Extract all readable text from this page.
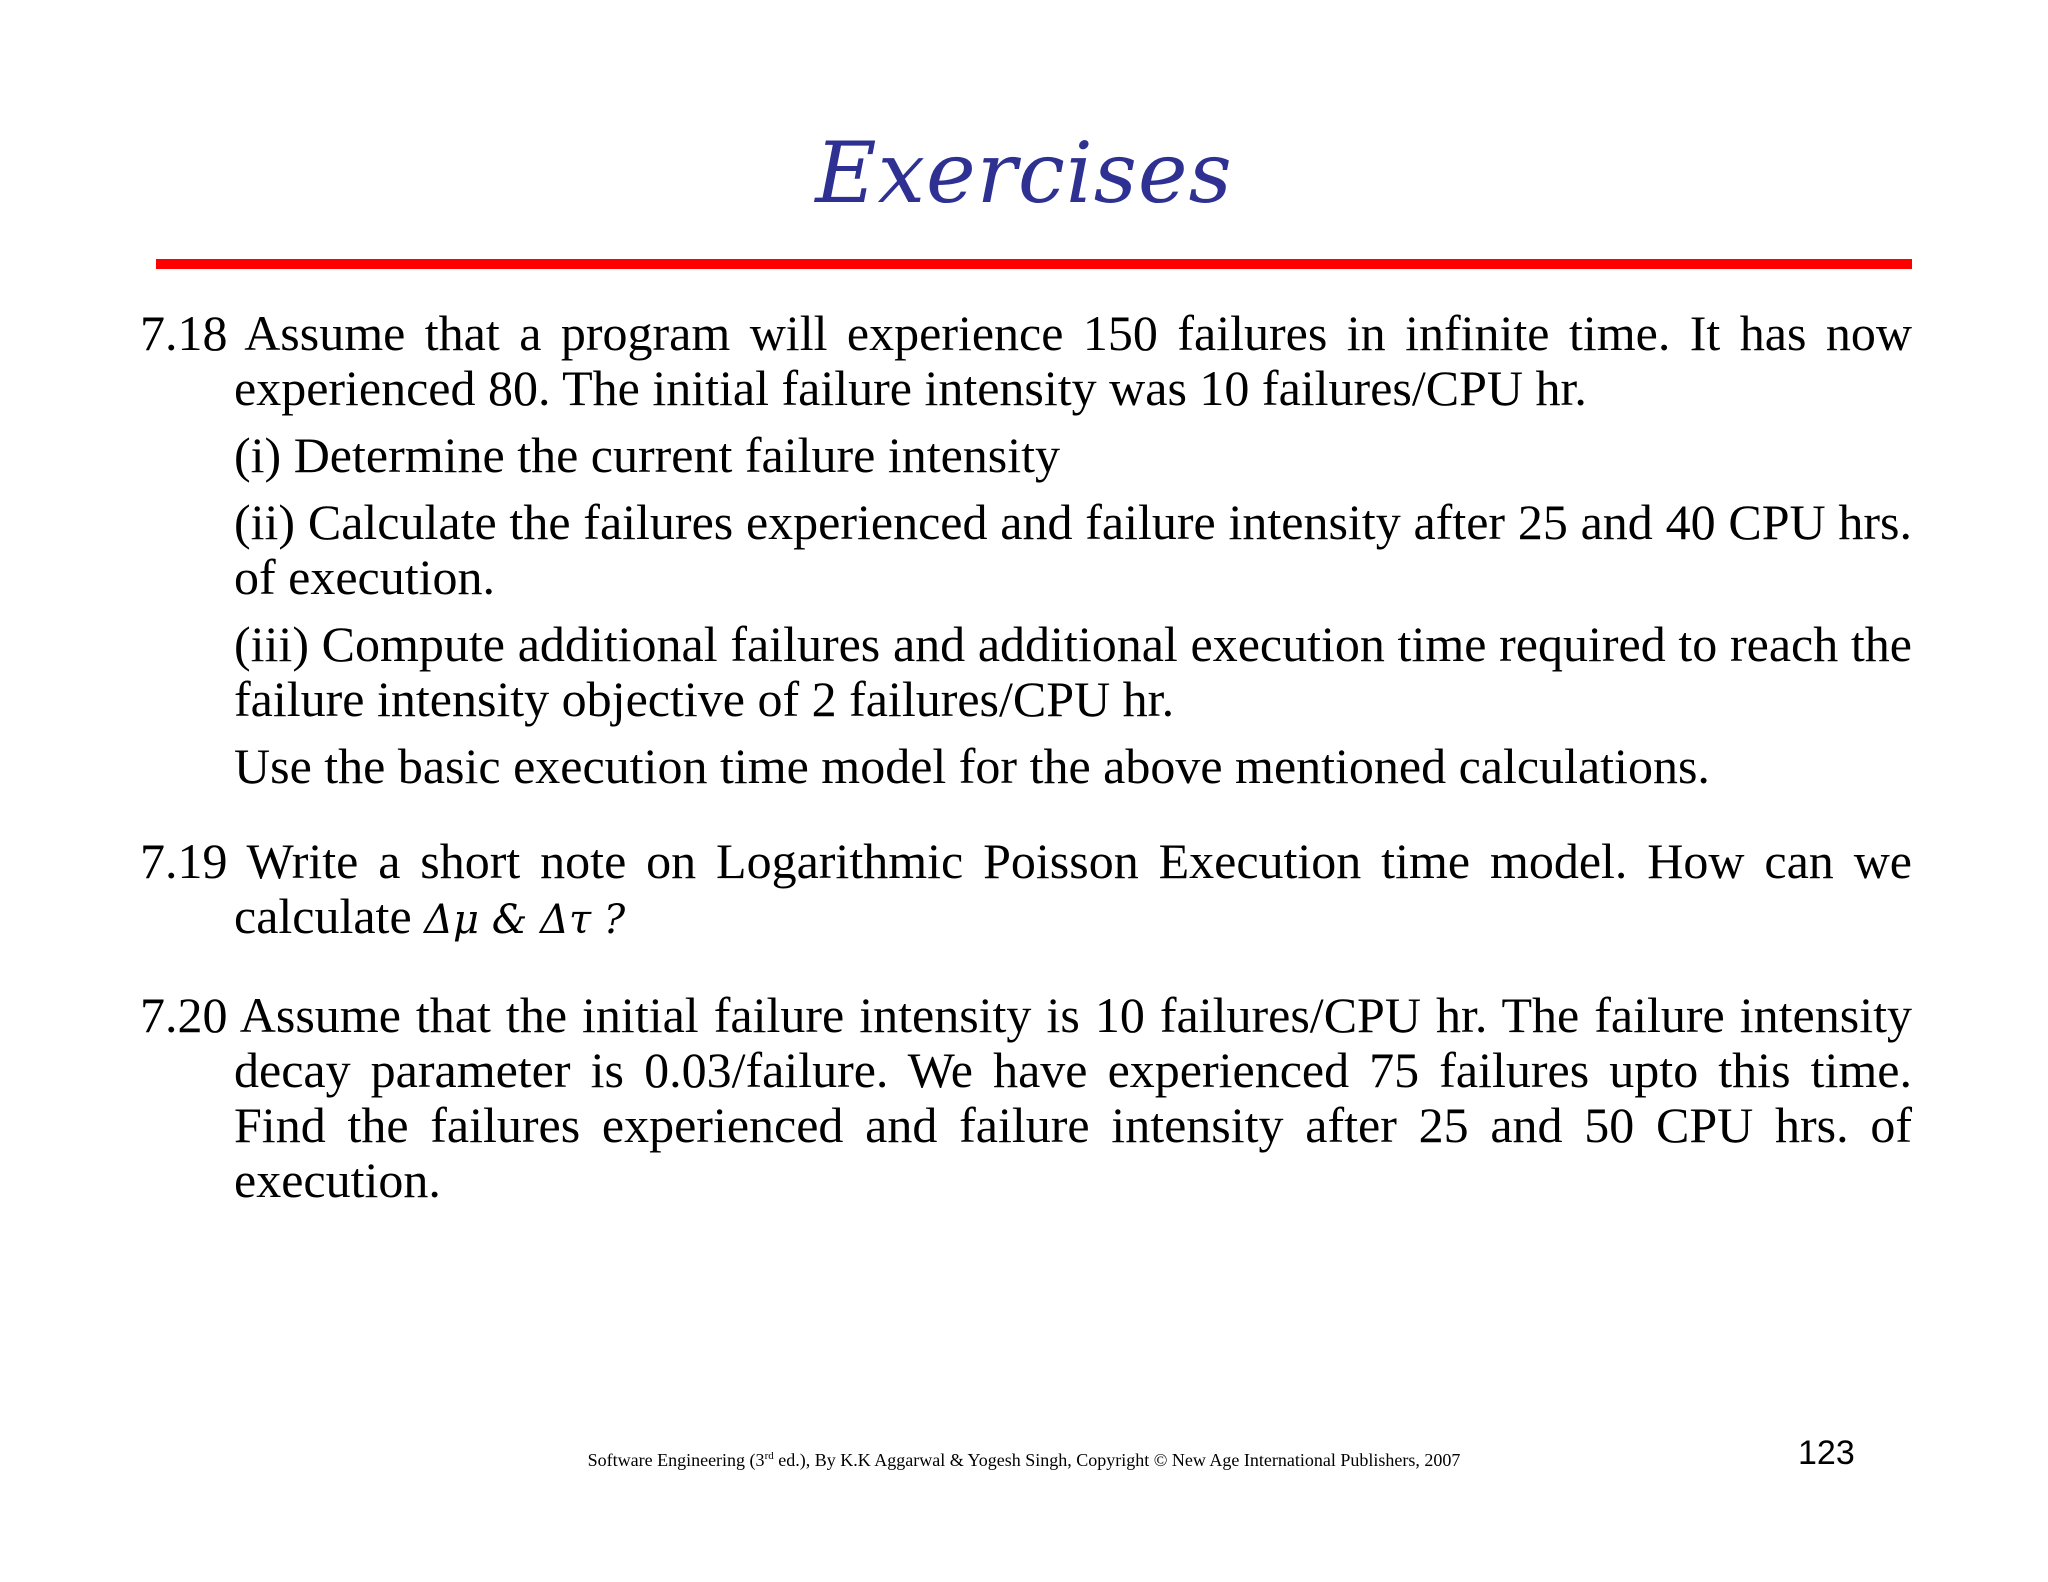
Exercises
7.18 Assume that a program will experience 150 failures in infinite time. It has now experienced 80. The initial failure intensity was 10 failures/CPU hr.
(i) Determine the current failure intensity
(ii) Calculate the failures experienced and failure intensity after 25 and 40 CPU hrs. of execution.
(iii) Compute additional failures and additional execution time required to reach the failure intensity objective of 2 failures/CPU hr.
Use the basic execution time model for the above mentioned calculations.
7.19 Write a short note on Logarithmic Poisson Execution time model. How can we calculate Δμ & Δτ ?
7.20 Assume that the initial failure intensity is 10 failures/CPU hr. The failure intensity decay parameter is 0.03/failure. We have experienced 75 failures upto this time. Find the failures experienced and failure intensity after 25 and 50 CPU hrs. of execution.
Software Engineering (3rd ed.), By K.K Aggarwal & Yogesh Singh, Copyright © New Age International Publishers, 2007	123
